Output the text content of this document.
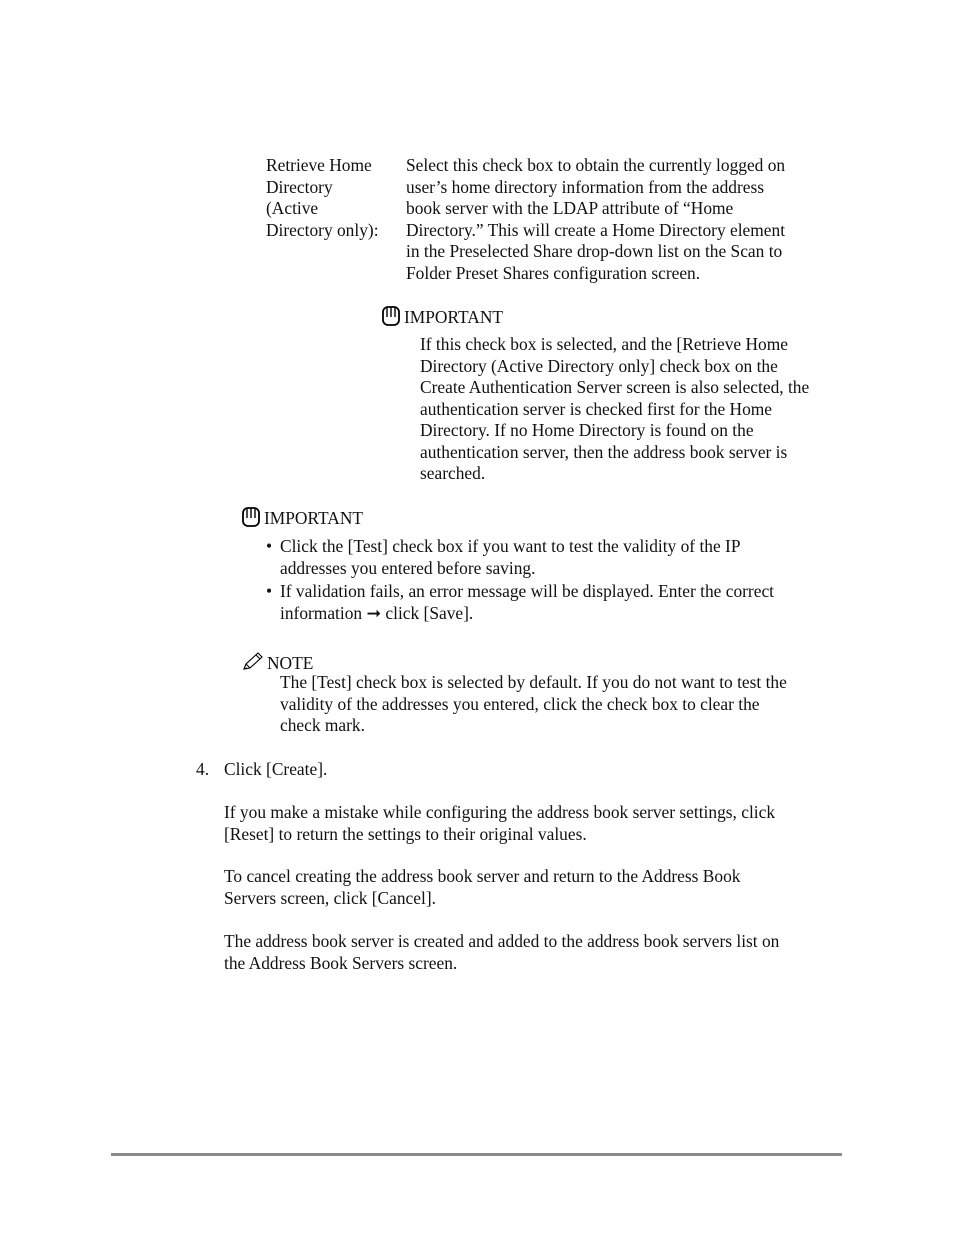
Retrieve Home
Directory
(Active
Directory only):
Select this check box to obtain the currently logged on
user’s home directory information from the address
book server with the LDAP attribute of “Home
Directory.” This will create a Home Directory element
in the Preselected Share drop-down list on the Scan to
Folder Preset Shares configuration screen.
IMPORTANT
If this check box is selected, and the [Retrieve Home
Directory (Active Directory only] check box on the
Create Authentication Server screen is also selected, the
authentication server is checked first for the Home
Directory. If no Home Directory is found on the
authentication server, then the address book server is
searched.
IMPORTANT
• Click the [Test] check box if you want to test the validity of the IP
addresses you entered before saving.
• If validation fails, an error message will be displayed. Enter the correct
information ➞ click [Save].
NOTE
The [Test] check box is selected by default. If you do not want to test the
validity of the addresses you entered, click the check box to clear the
check mark.
4. Click [Create].
If you make a mistake while configuring the address book server settings, click
[Reset] to return the settings to their original values.
To cancel creating the address book server and return to the Address Book
Servers screen, click [Cancel].
The address book server is created and added to the address book servers list on
the Address Book Servers screen.
